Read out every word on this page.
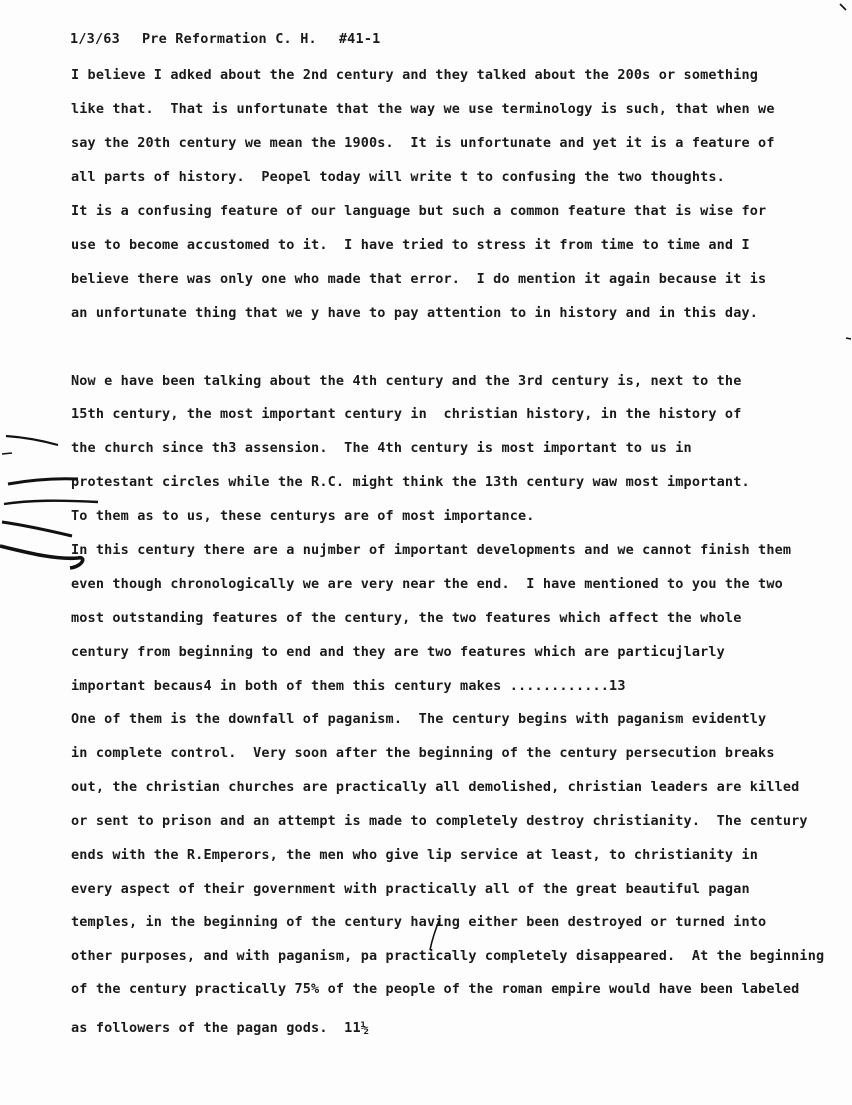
1/3/63 Pre Reformation C. H. #41-1
I believe I adked about the 2nd century and they talked about the 200s or something
like that.  That is unfortunate that the way we use terminology is such, that when we
say the 20th century we mean the 1900s.  It is unfortunate and yet it is a feature of
all parts of history.  Peopel today will write t to confusing the two thoughts.
It is a confusing feature of our language but such a common feature that is wise for
use to become accustomed to it.  I have tried to stress it from time to time and I
believe there was only one who made that error.  I do mention it again because it is
an unfortunate thing that we y have to pay attention to in history and in this day.
Now e have been talking about the 4th century and the 3rd century is, next to the
15th century, the most important century in  christian history, in the history of
the church since th3 assension.  The 4th century is most important to us in
protestant circles while the R.C. might think the 13th century waw most important.
To them as to us, these centurys are of most importance.
In this century there are a nujmber of important developments and we cannot finish them
even though chronologically we are very near the end.  I have mentioned to you the two
most outstanding features of the century, the two features which affect the whole
century from beginning to end and they are two features which are particujlarly
important becaus4 in both of them this century makes ............13
One of them is the downfall of paganism.  The century begins with paganism evidently
in complete control.  Very soon after the beginning of the century persecution breaks
out, the christian churches are practically all demolished, christian leaders are killed
or sent to prison and an attempt is made to completely destroy christianity.  The century
ends with the R.Emperors, the men who give lip service at least, to christianity in
every aspect of their government with practically all of the great beautiful pagan
temples, in the beginning of the century having either been destroyed or turned into
other purposes, and with paganism, pa practically completely disappeared.  At the beginning
of the century practically 75% of the people of the roman empire would have been labeled
as followers of the pagan gods.  11½
